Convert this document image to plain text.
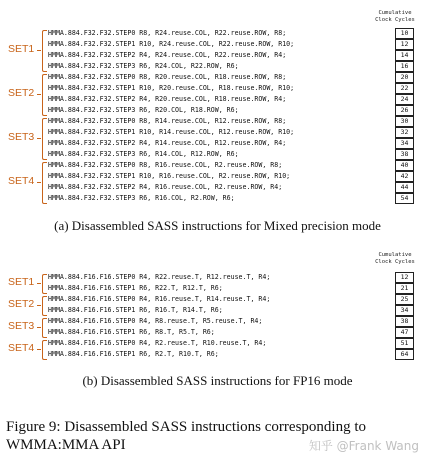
Cumulative Clock Cycles
HMMA.884.F32.F32.STEP0 R8, R24.reuse.COL, R22.reuse.ROW, R8;	10
HMMA.884.F32.F32.STEP1 R10, R24.reuse.COL, R22.reuse.ROW, R10;	12
HMMA.884.F32.F32.STEP2 R4, R24.reuse.COL, R22.reuse.ROW, R4;	14
HMMA.884.F32.F32.STEP3 R6, R24.COL, R22.ROW, R6;	16
SET1
HMMA.884.F32.F32.STEP0 R8, R20.reuse.COL, R18.reuse.ROW, R8;	20
HMMA.884.F32.F32.STEP1 R10, R20.reuse.COL, R18.reuse.ROW, R10;	22
HMMA.884.F32.F32.STEP2 R4, R20.reuse.COL, R18.reuse.ROW, R4;	24
HMMA.884.F32.F32.STEP3 R6, R20.COL, R18.ROW, R6;	26
SET2
HMMA.884.F32.F32.STEP0 R8, R14.reuse.COL, R12.reuse.ROW, R8;	30
HMMA.884.F32.F32.STEP1 R10, R14.reuse.COL, R12.reuse.ROW, R10;	32
HMMA.884.F32.F32.STEP2 R4, R14.reuse.COL, R12.reuse.ROW, R4;	34
HMMA.884.F32.F32.STEP3 R6, R14.COL, R12.ROW, R6;	38
SET3
HMMA.884.F32.F32.STEP0 R8, R16.reuse.COL, R2.reuse.ROW, R8;	40
HMMA.884.F32.F32.STEP1 R10, R16.reuse.COL, R2.reuse.ROW, R10;	42
HMMA.884.F32.F32.STEP2 R4, R16.reuse.COL, R2.reuse.ROW, R4;	44
HMMA.884.F32.F32.STEP3 R6, R16.COL, R2.ROW, R6;	54
SET4
(a) Disassembled SASS instructions for Mixed precision mode
Cumulative Clock Cycles
HMMA.884.F16.F16.STEP0 R4, R22.reuse.T, R12.reuse.T, R4;	12
HMMA.884.F16.F16.STEP1 R6, R22.T, R12.T, R6;	21
SET1
HMMA.884.F16.F16.STEP0 R4, R16.reuse.T, R14.reuse.T, R4;	25
HMMA.884.F16.F16.STEP1 R6, R16.T, R14.T, R6;	34
SET2
HMMA.884.F16.F16.STEP0 R4, R8.reuse.T, R5.reuse.T, R4;	38
HMMA.884.F16.F16.STEP1 R6, R8.T, R5.T, R6;	47
SET3
HMMA.884.F16.F16.STEP0 R4, R2.reuse.T, R10.reuse.T, R4;	51
HMMA.884.F16.F16.STEP1 R6, R2.T, R10.T, R6;	64
SET4
(b) Disassembled SASS instructions for FP16 mode
Figure 9: Disassembled SASS instructions corresponding to WMMA:MMA API	知乎 @Frank Wang
